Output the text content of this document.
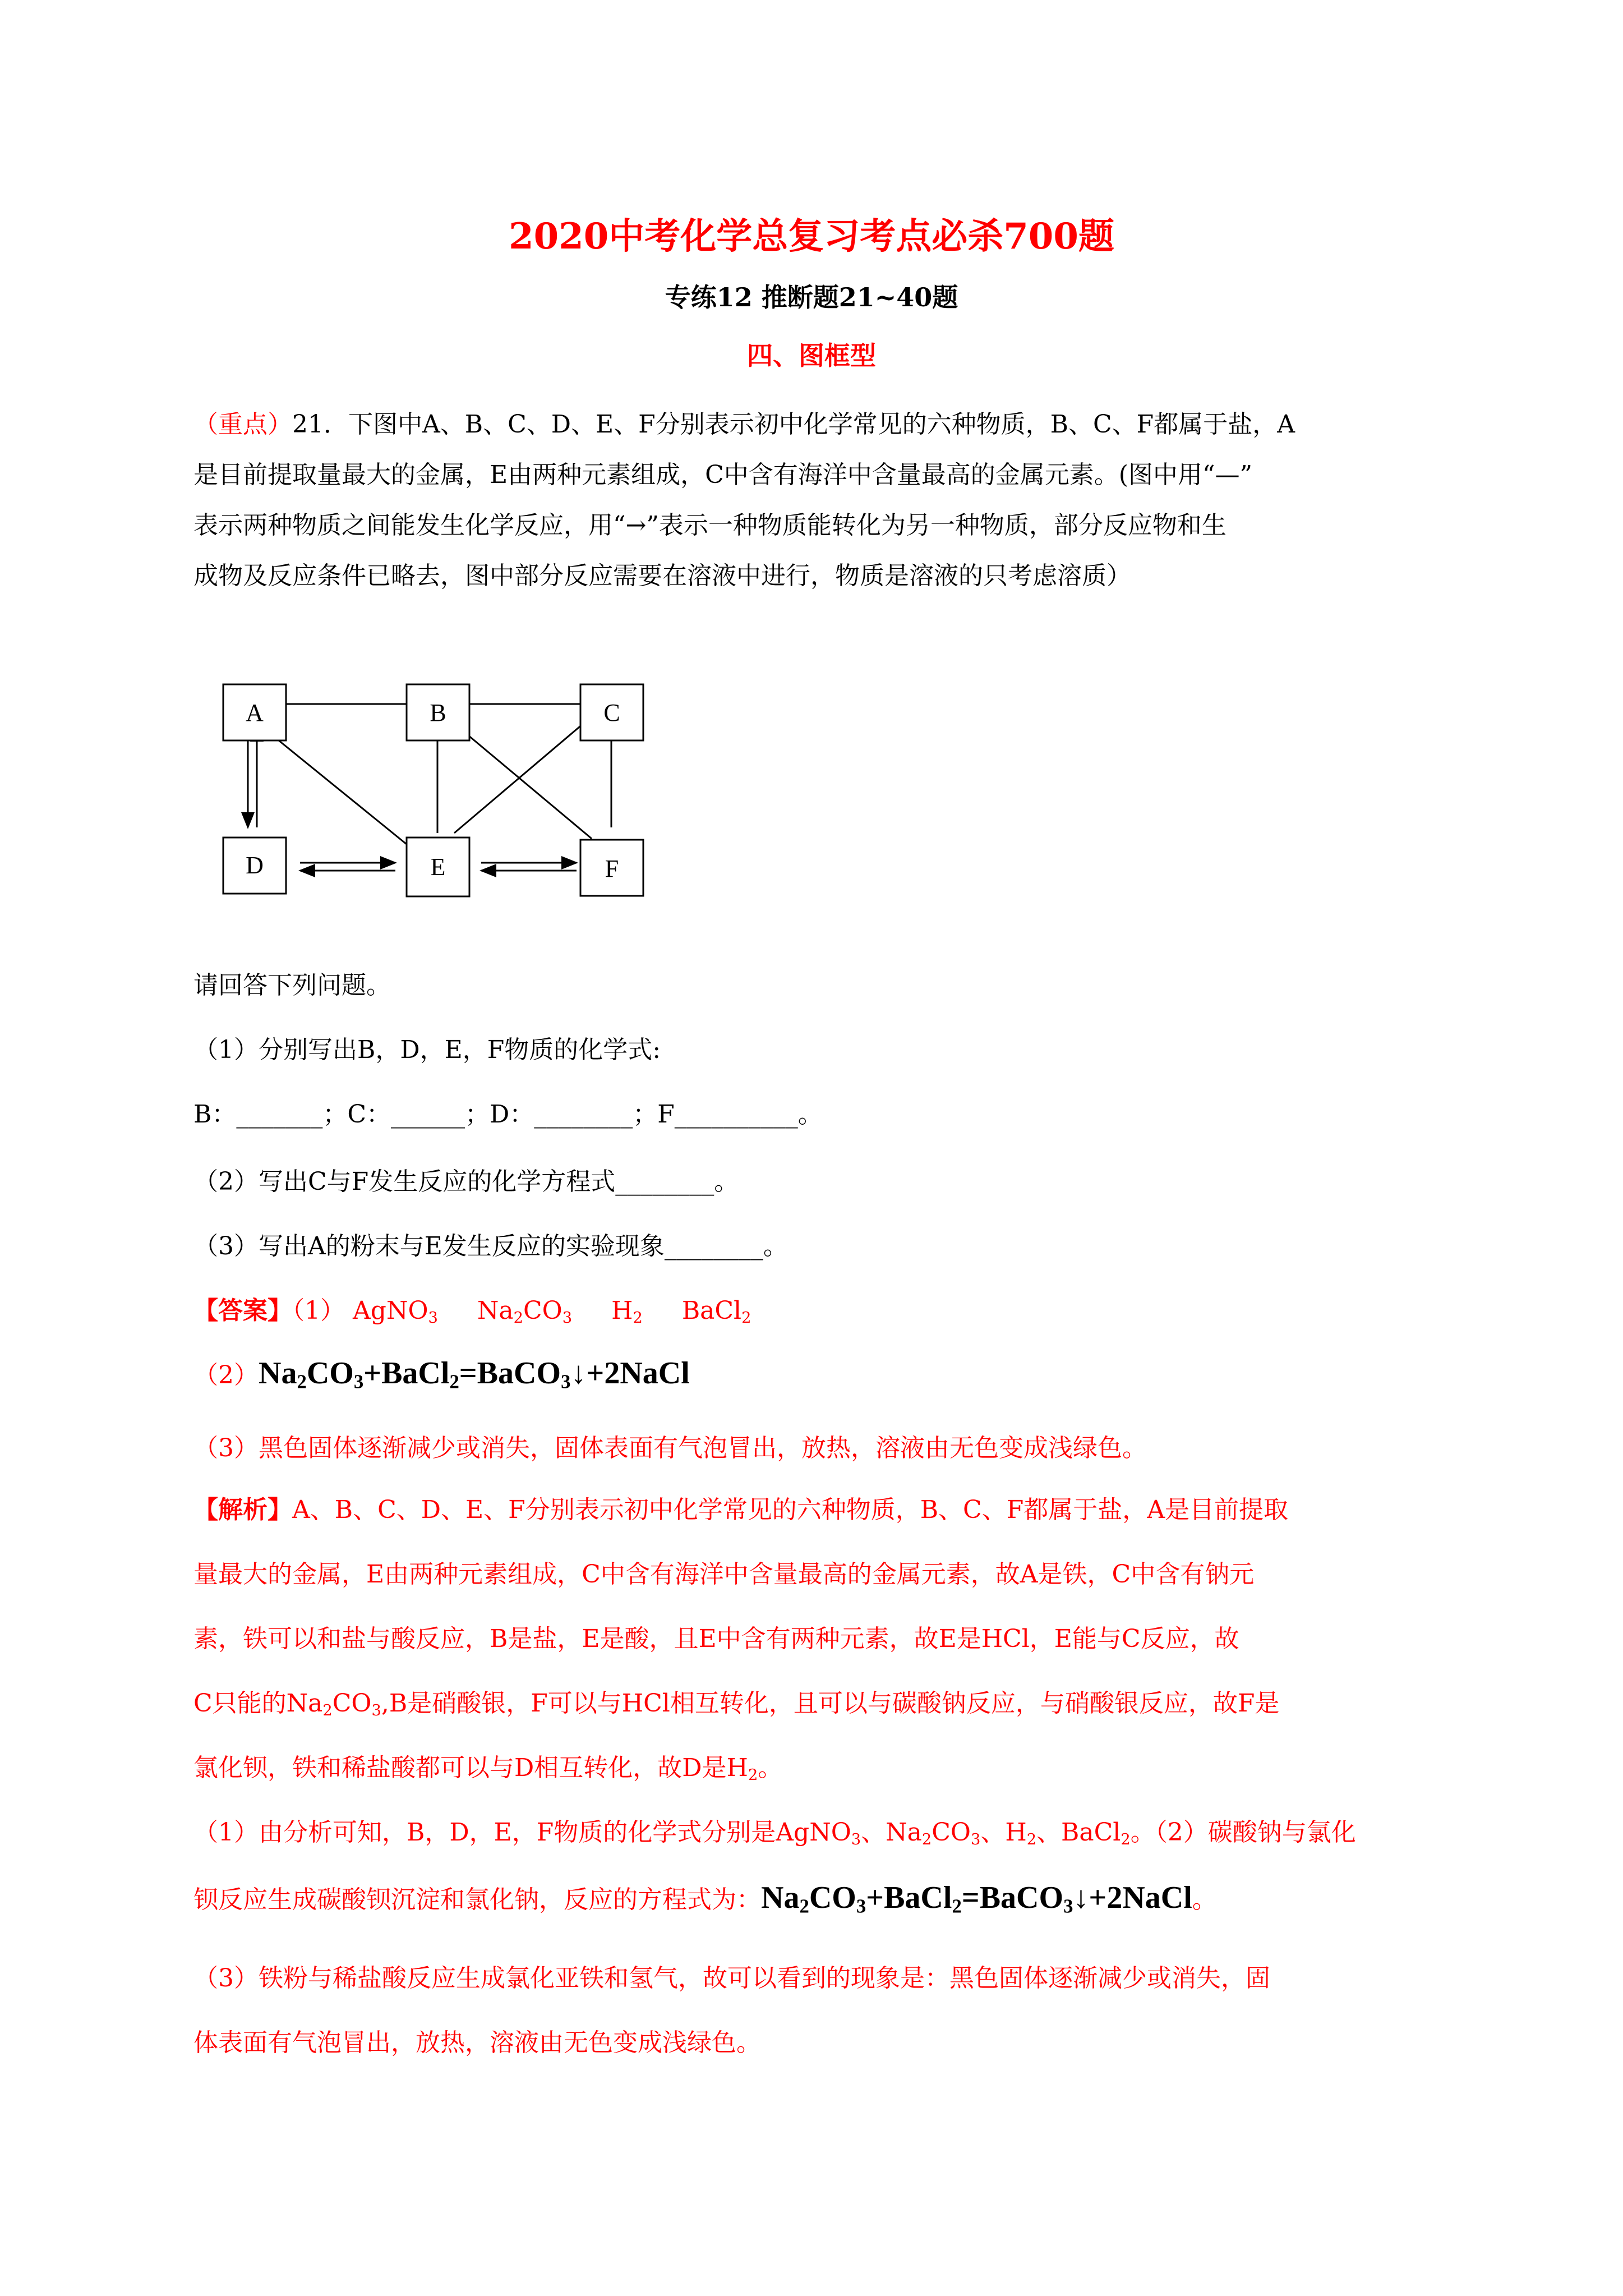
2020中考化学总复习考点必杀700题
专练12 推断题21~40题
四、图框型
（重点）21．下图中A、B、C、D、E、F分别表示初中化学常见的六种物质，B、C、F都属于盐，A
是目前提取量最大的金属，E由两种元素组成，C中含有海洋中含量最高的金属元素。(图中用“—”
表示两种物质之间能发生化学反应，用“→”表示一种物质能转化为另一种物质，部分反应物和生
成物及反应条件已略去，图中部分反应需要在溶液中进行，物质是溶液的只考虑溶质）
A	B	C
D	E	F
请回答下列问题。
（1）分别写出B，D，E，F物质的化学式:
B：_______；C：______；D：________；F__________。
（2）写出C与F发生反应的化学方程式________。
（3）写出A的粉末与E发生反应的实验现象________。
【答案】（1） AgNO$_3$ $Na_2CO_3$ $H_2$ BaCl$_2$
$(2)Na_2CO_3+BaCl_2=BaCO_3↓+2NaCl$
（3）黑色固体逐渐减少或消失，固体表面有气泡冒出，放热，溶液由无色变成浅绿色。
【解析】A、B、C、D、E、F分别表示初中化学常见的六种物质，B、C、F都属于盐，A是目前提取
量最大的金属，E由两种元素组成，C中含有海洋中含量最高的金属元素，故A是铁，C中含有钠元
素，铁可以和盐与酸反应，B是盐，E是酸，且E中含有两种元素，故E是HCl，E能与C反应，故
C只能的$Na_2CO_3,B$是硝酸银，F可以与HCl相互转化，且可以与碳酸钠反应，与硝酸银反应，故F是
氯化钡，铁和稀盐酸都可以与D相互转化，故D是$H_2$。
（1）由分析可知，B，D，E，F物质的化学式分别是AgNO$_3$、$Na_2CO_3$、$H_2$、BaCl$_2$。（2）碳酸钠与氯化
钡反应生成碳酸钡沉淀和氯化钠，反应的方程式为：$Na_2CO_3+BaCl_2=BaCO_3↓+2NaCl$。
（3）铁粉与稀盐酸反应生成氯化亚铁和氢气，故可以看到的现象是：黑色固体逐渐减少或消失，固
体表面有气泡冒出，放热，溶液由无色变成浅绿色。
